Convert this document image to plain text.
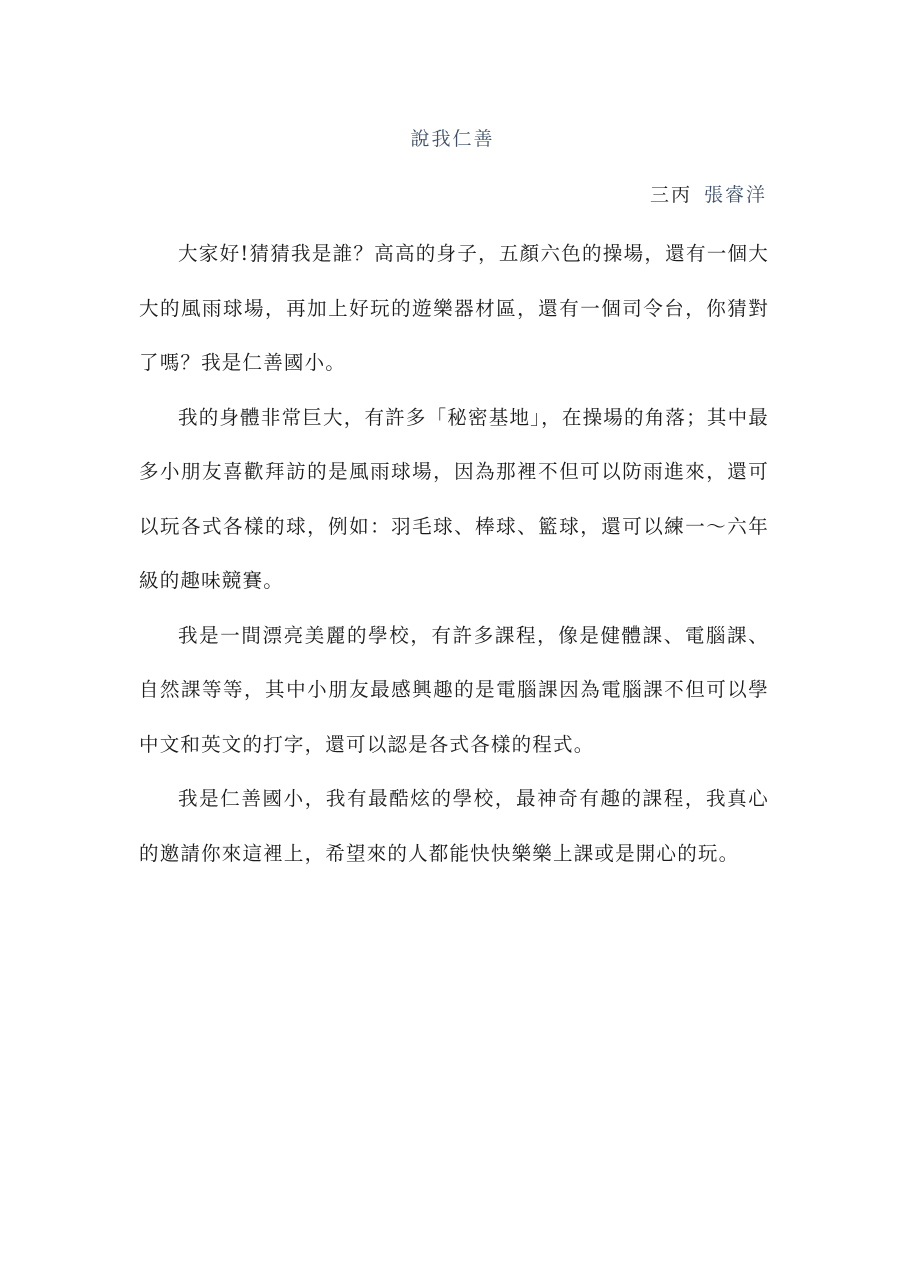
說我仁善
三丙 張睿洋

大家好!猜猜我是誰？高高的身子，五顏六色的操場，還有一個大大的風雨球場，再加上好玩的遊樂器材區，還有一個司令台，你猜對了嗎？我是仁善國小。

我的身體非常巨大，有許多「秘密基地」，在操場的角落；其中最多小朋友喜歡拜訪的是風雨球場，因為那裡不但可以防雨進來，還可以玩各式各樣的球，例如：羽毛球、棒球、籃球，還可以練一～六年級的趣味競賽。

我是一間漂亮美麗的學校，有許多課程，像是健體課、電腦課、自然課等等，其中小朋友最感興趣的是電腦課因為電腦課不但可以學中文和英文的打字，還可以認是各式各樣的程式。

我是仁善國小，我有最酷炫的學校，最神奇有趣的課程，我真心的邀請你來這裡上，希望來的人都能快快樂樂上課或是開心的玩。
